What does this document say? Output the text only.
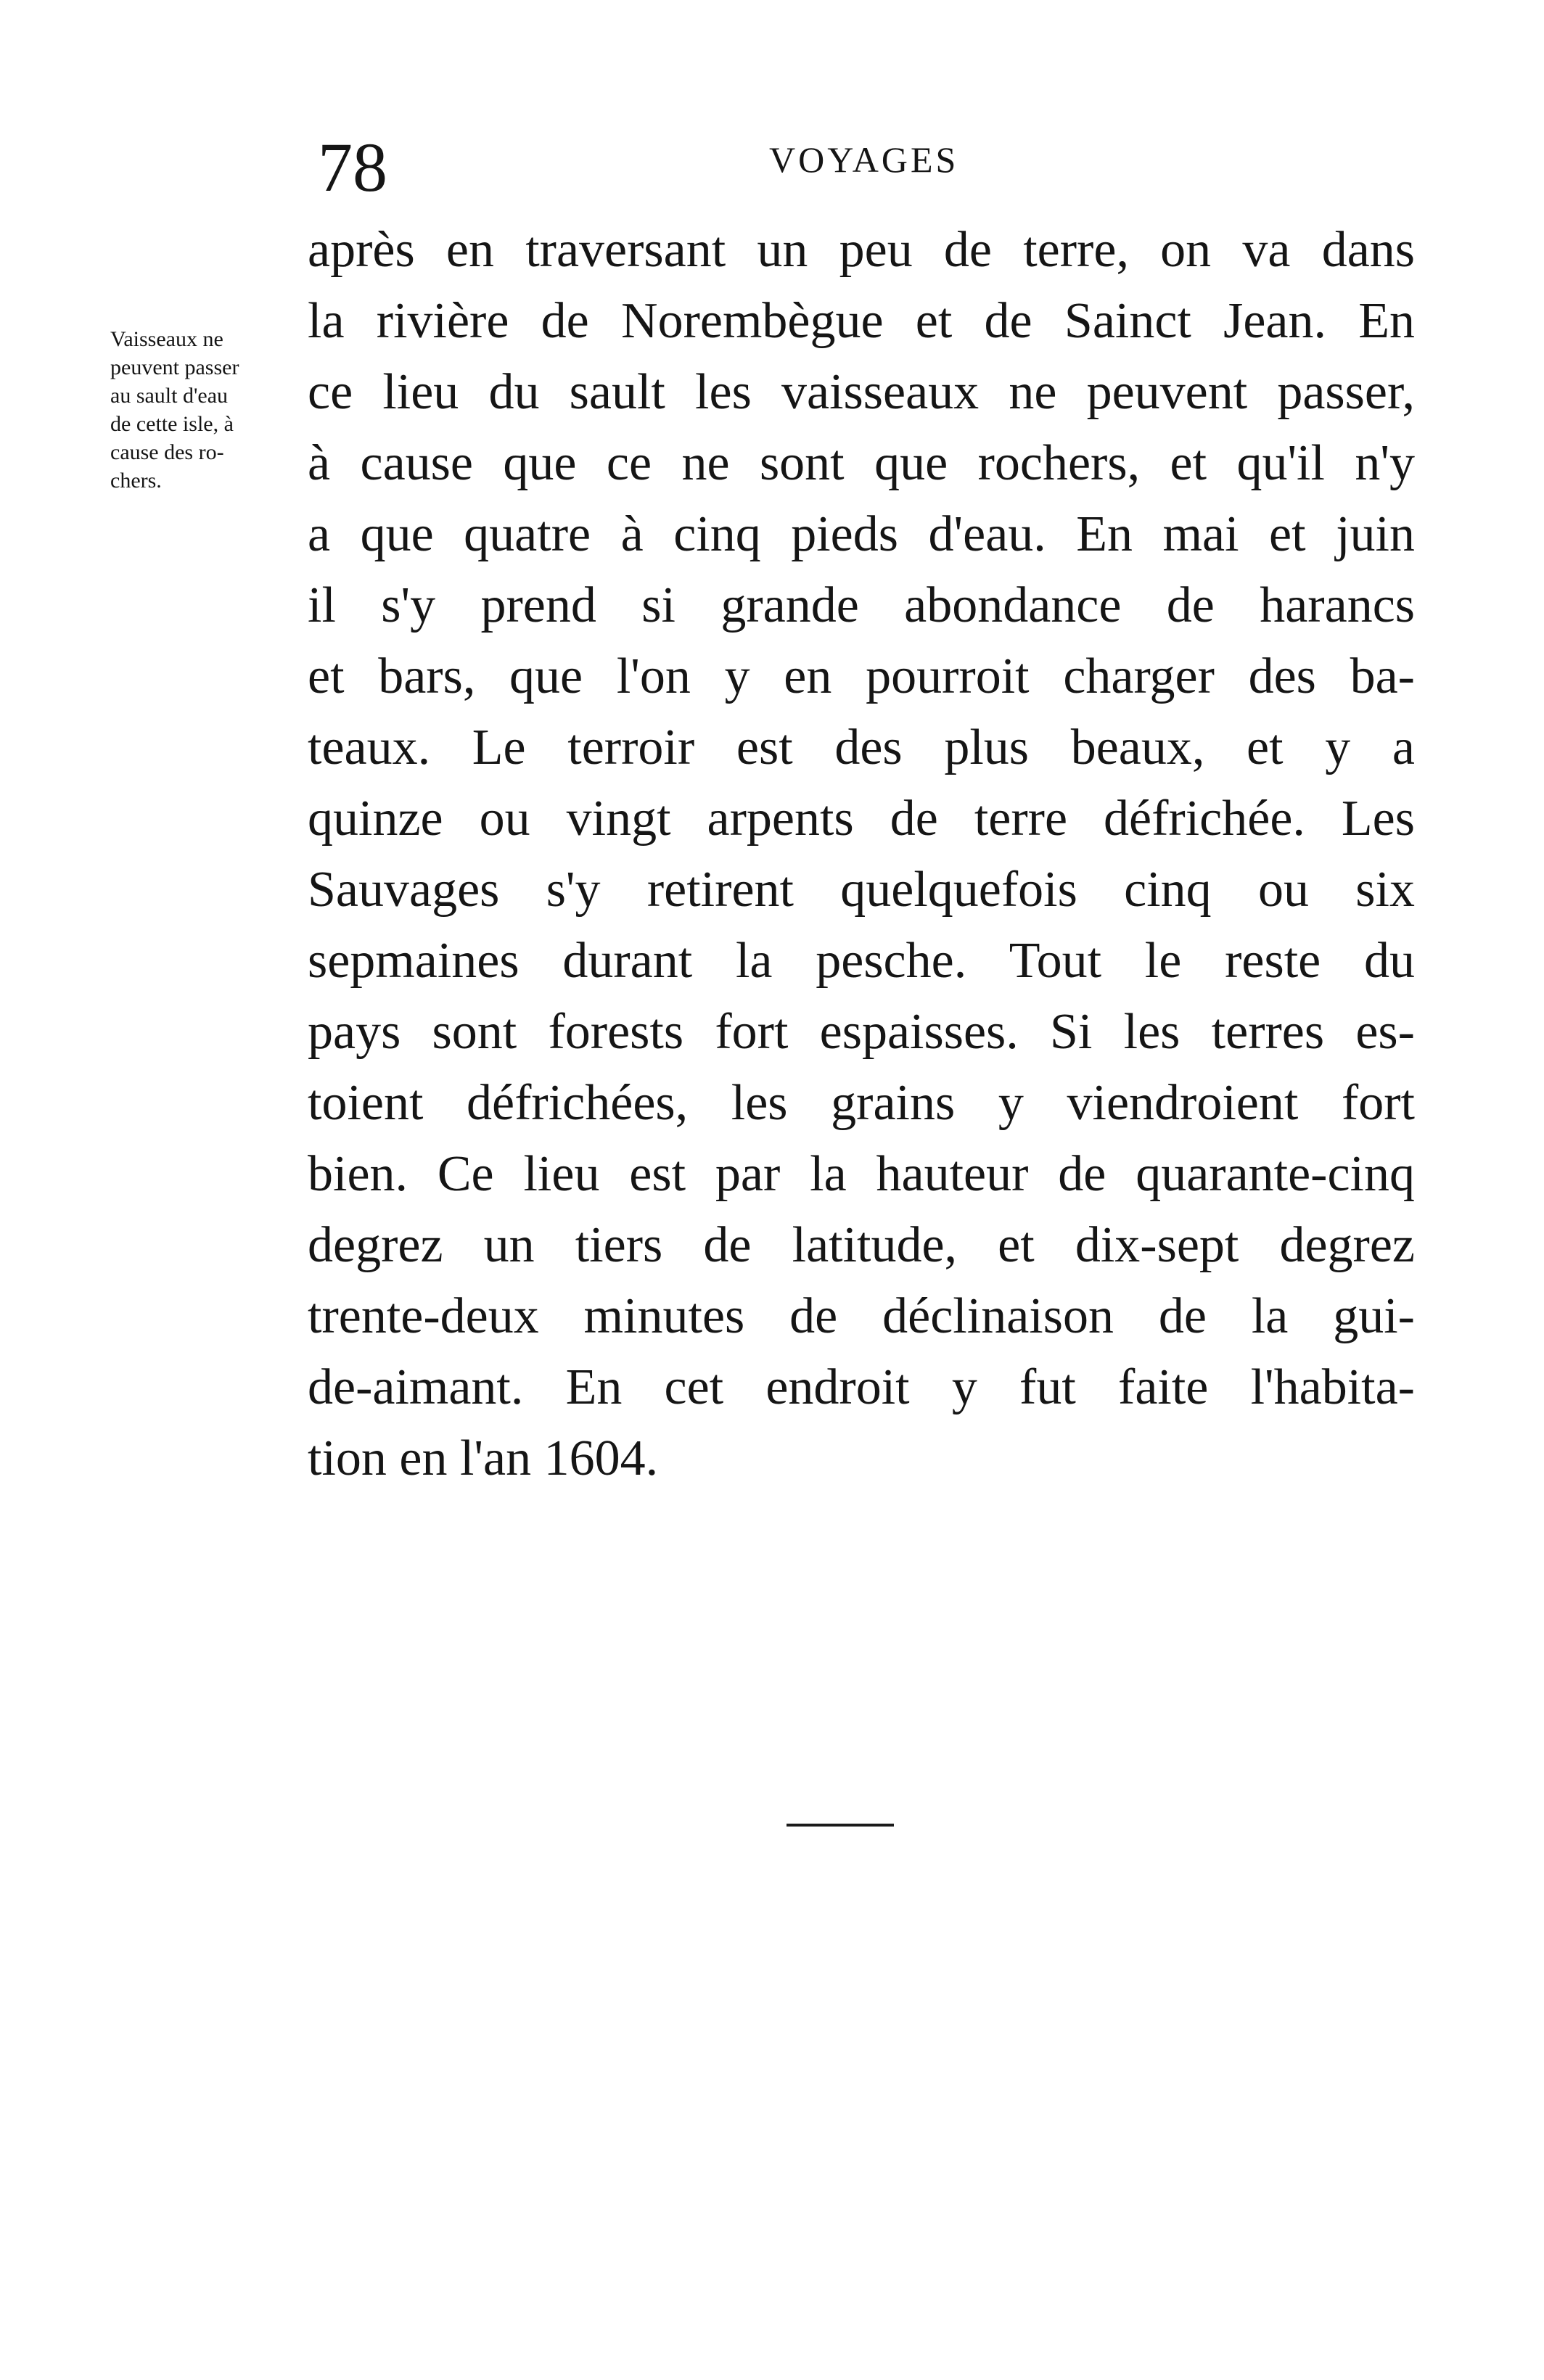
78	VOYAGES
Vaisseaux ne
peuvent passer
au sault d'eau
de cette isle, à
cause des ro-
chers.
après en traversant un peu de terre, on va dans
la rivière de Norembègue et de Sainct Jean. En
ce lieu du sault les vaisseaux ne peuvent passer,
à cause que ce ne sont que rochers, et qu'il n'y
a que quatre à cinq pieds d'eau. En mai et juin
il s'y prend si grande abondance de harancs
et bars, que l'on y en pourroit charger des ba-
teaux. Le terroir est des plus beaux, et y a
quinze ou vingt arpents de terre défrichée. Les
Sauvages s'y retirent quelquefois cinq ou six
sepmaines durant la pesche. Tout le reste du
pays sont forests fort espaisses. Si les terres es-
toient défrichées, les grains y viendroient fort
bien. Ce lieu est par la hauteur de quarante-cinq
degrez un tiers de latitude, et dix-sept degrez
trente-deux minutes de déclinaison de la gui-
de-aimant. En cet endroit y fut faite l'habita-
tion en l'an 1604.
